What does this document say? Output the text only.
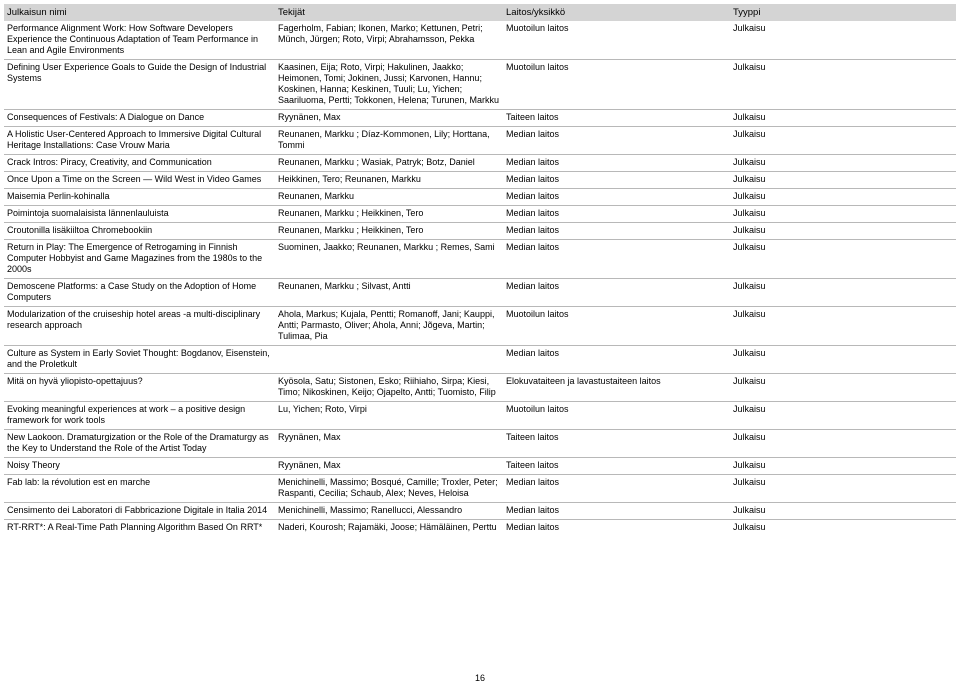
Julkaisun nimi	Tekijät	Laitos/yksikkö	Tyyppi
Performance Alignment Work: How Software Developers Experience the Continuous Adaptation of Team Performance in Lean and Agile Environments	Fagerholm, Fabian; Ikonen, Marko; Kettunen, Petri; Münch, Jürgen; Roto, Virpi; Abrahamsson, Pekka	Muotoilun laitos	Julkaisu
Defining User Experience Goals to Guide the Design of Industrial Systems	Kaasinen, Eija; Roto, Virpi; Hakulinen, Jaakko; Heimonen, Tomi; Jokinen, Jussi; Karvonen, Hannu; Koskinen, Hanna; Keskinen, Tuuli; Lu, Yichen; Saariluoma, Pertti; Tokkonen, Helena; Turunen, Markku	Muotoilun laitos	Julkaisu
Consequences of Festivals: A Dialogue on Dance	Ryynänen, Max	Taiteen laitos	Julkaisu
A Holistic User-Centered Approach to Immersive Digital Cultural Heritage Installations: Case Vrouw Maria	Reunanen, Markku ; Díaz-Kommonen, Lily; Horttana, Tommi	Median laitos	Julkaisu
Crack Intros: Piracy, Creativity, and Communication	Reunanen, Markku ; Wasiak, Patryk; Botz, Daniel	Median laitos	Julkaisu
Once Upon a Time on the Screen — Wild West in Video Games	Heikkinen, Tero; Reunanen, Markku	Median laitos	Julkaisu
Maisemia Perlin-kohinalla	Reunanen, Markku	Median laitos	Julkaisu
Poimintoja suomalaisista lännenlauluista	Reunanen, Markku ; Heikkinen, Tero	Median laitos	Julkaisu
Croutonilla lisäkiiltoa Chromebookiin	Reunanen, Markku ; Heikkinen, Tero	Median laitos	Julkaisu
Return in Play: The Emergence of Retrogaming in Finnish Computer Hobbyist and Game Magazines from the 1980s to the 2000s	Suominen, Jaakko; Reunanen, Markku ; Remes, Sami	Median laitos	Julkaisu
Demoscene Platforms: a Case Study on the Adoption of Home Computers	Reunanen, Markku ; Silvast, Antti	Median laitos	Julkaisu
Modularization of the cruiseship hotel areas -a multi-disciplinary research approach	Ahola, Markus; Kujala, Pentti; Romanoff, Jani; Kauppi, Antti; Parmasto, Oliver; Ahola, Anni; Jõgeva, Martin; Tulimaa, Pia	Muotoilun laitos	Julkaisu
Culture as System in Early Soviet Thought: Bogdanov, Eisenstein, and the Proletkult		Median laitos	Julkaisu
Mitä on hyvä yliopisto-opettajuus?	Kyösola, Satu; Sistonen, Esko; Riihiaho, Sirpa; Kiesi, Timo; Nikoskinen, Keijo; Ojapelto, Antti; Tuomisto, Filip	Elokuvataiteen ja lavastustaiteen laitos	Julkaisu
Evoking meaningful experiences at work – a positive design framework for work tools	Lu, Yichen; Roto, Virpi	Muotoilun laitos	Julkaisu
New Laokoon. Dramaturgization or the Role of the Dramaturgy as the Key to Understand the Role of the Artist Today	Ryynänen, Max	Taiteen laitos	Julkaisu
Noisy Theory	Ryynänen, Max	Taiteen laitos	Julkaisu
Fab lab: la révolution est en marche	Menichinelli, Massimo; Bosqué, Camille; Troxler, Peter; Raspanti, Cecilia; Schaub, Alex; Neves, Heloisa	Median laitos	Julkaisu
Censimento dei Laboratori di Fabbricazione Digitale in Italia 2014	Menichinelli, Massimo; Ranellucci, Alessandro	Median laitos	Julkaisu
RT-RRT*: A Real-Time Path Planning Algorithm Based On RRT*	Naderi, Kourosh; Rajamäki, Joose; Hämäläinen, Perttu	Median laitos	Julkaisu
16
